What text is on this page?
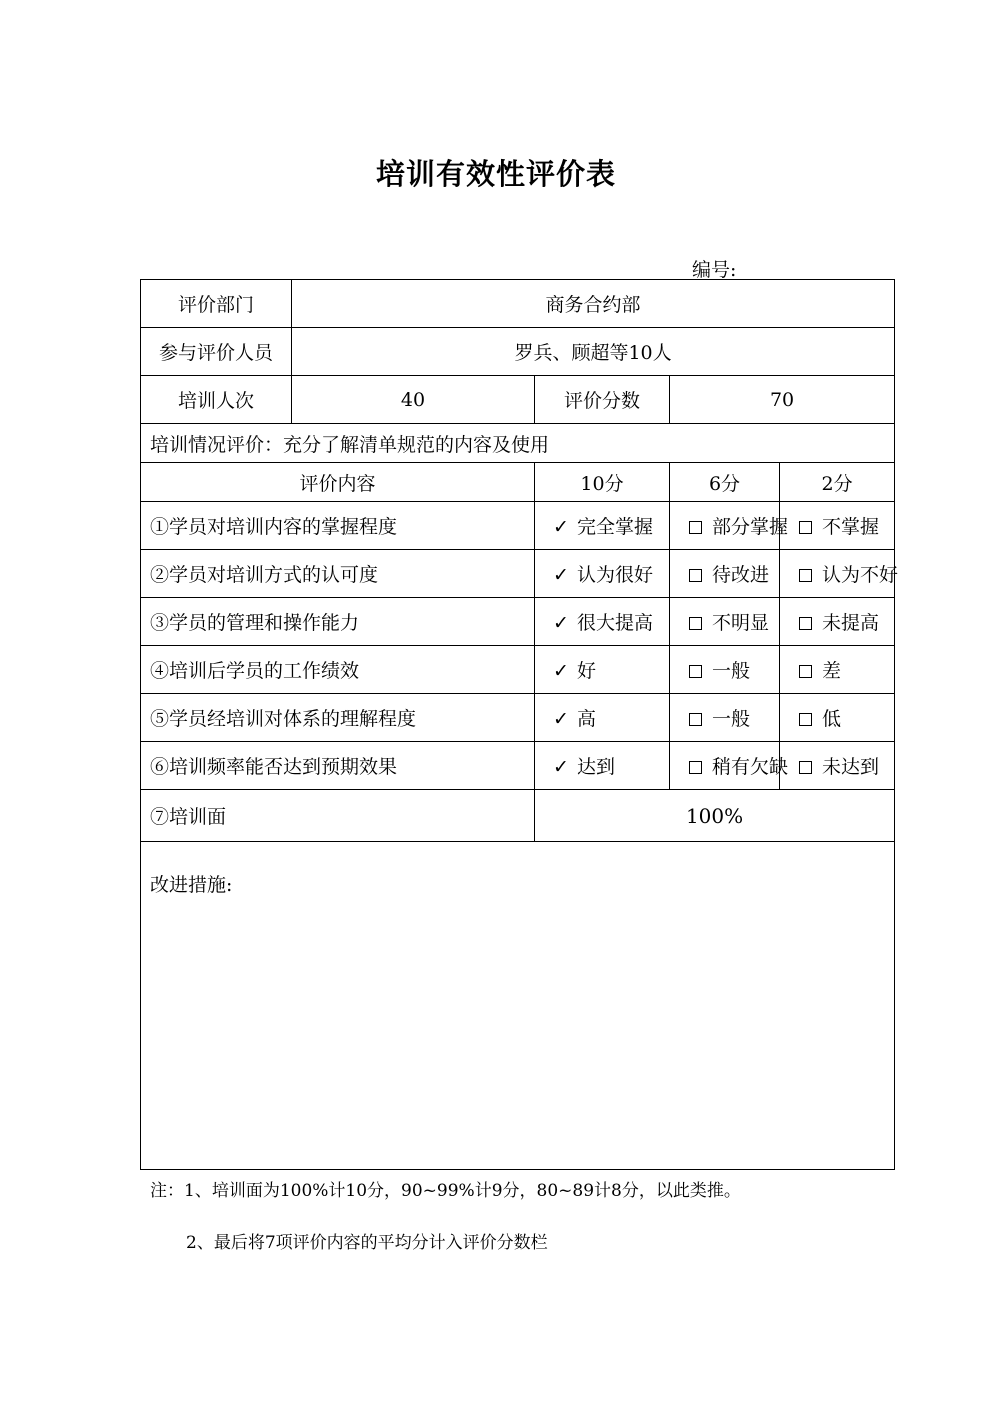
培训有效性评价表
编号:
评价部门	商务合约部			
参与评价人员	罗兵、顾超等10人			
培训人次	40	评价分数	70	
培训情况评价：充分了解清单规范的内容及使用				
评价内容		10分	6分	2分
①学员对培训内容的掌握程度		✓ 完全掌握	部分掌握	不掌握
②学员对培训方式的认可度		✓ 认为很好	待改进	认为不好
③学员的管理和操作能力		✓ 很大提高	不明显	未提高
④培训后学员的工作绩效		✓ 好	一般	差
⑤学员经培训对体系的理解程度		✓ 高	一般	低
⑥培训频率能否达到预期效果		✓ 达到	稍有欠缺	未达到
⑦培训面		100%		
改进措施:				
注：1、培训面为100%计10分，90~99%计9分，80~89计8分，以此类推。
2、最后将7项评价内容的平均分计入评价分数栏
